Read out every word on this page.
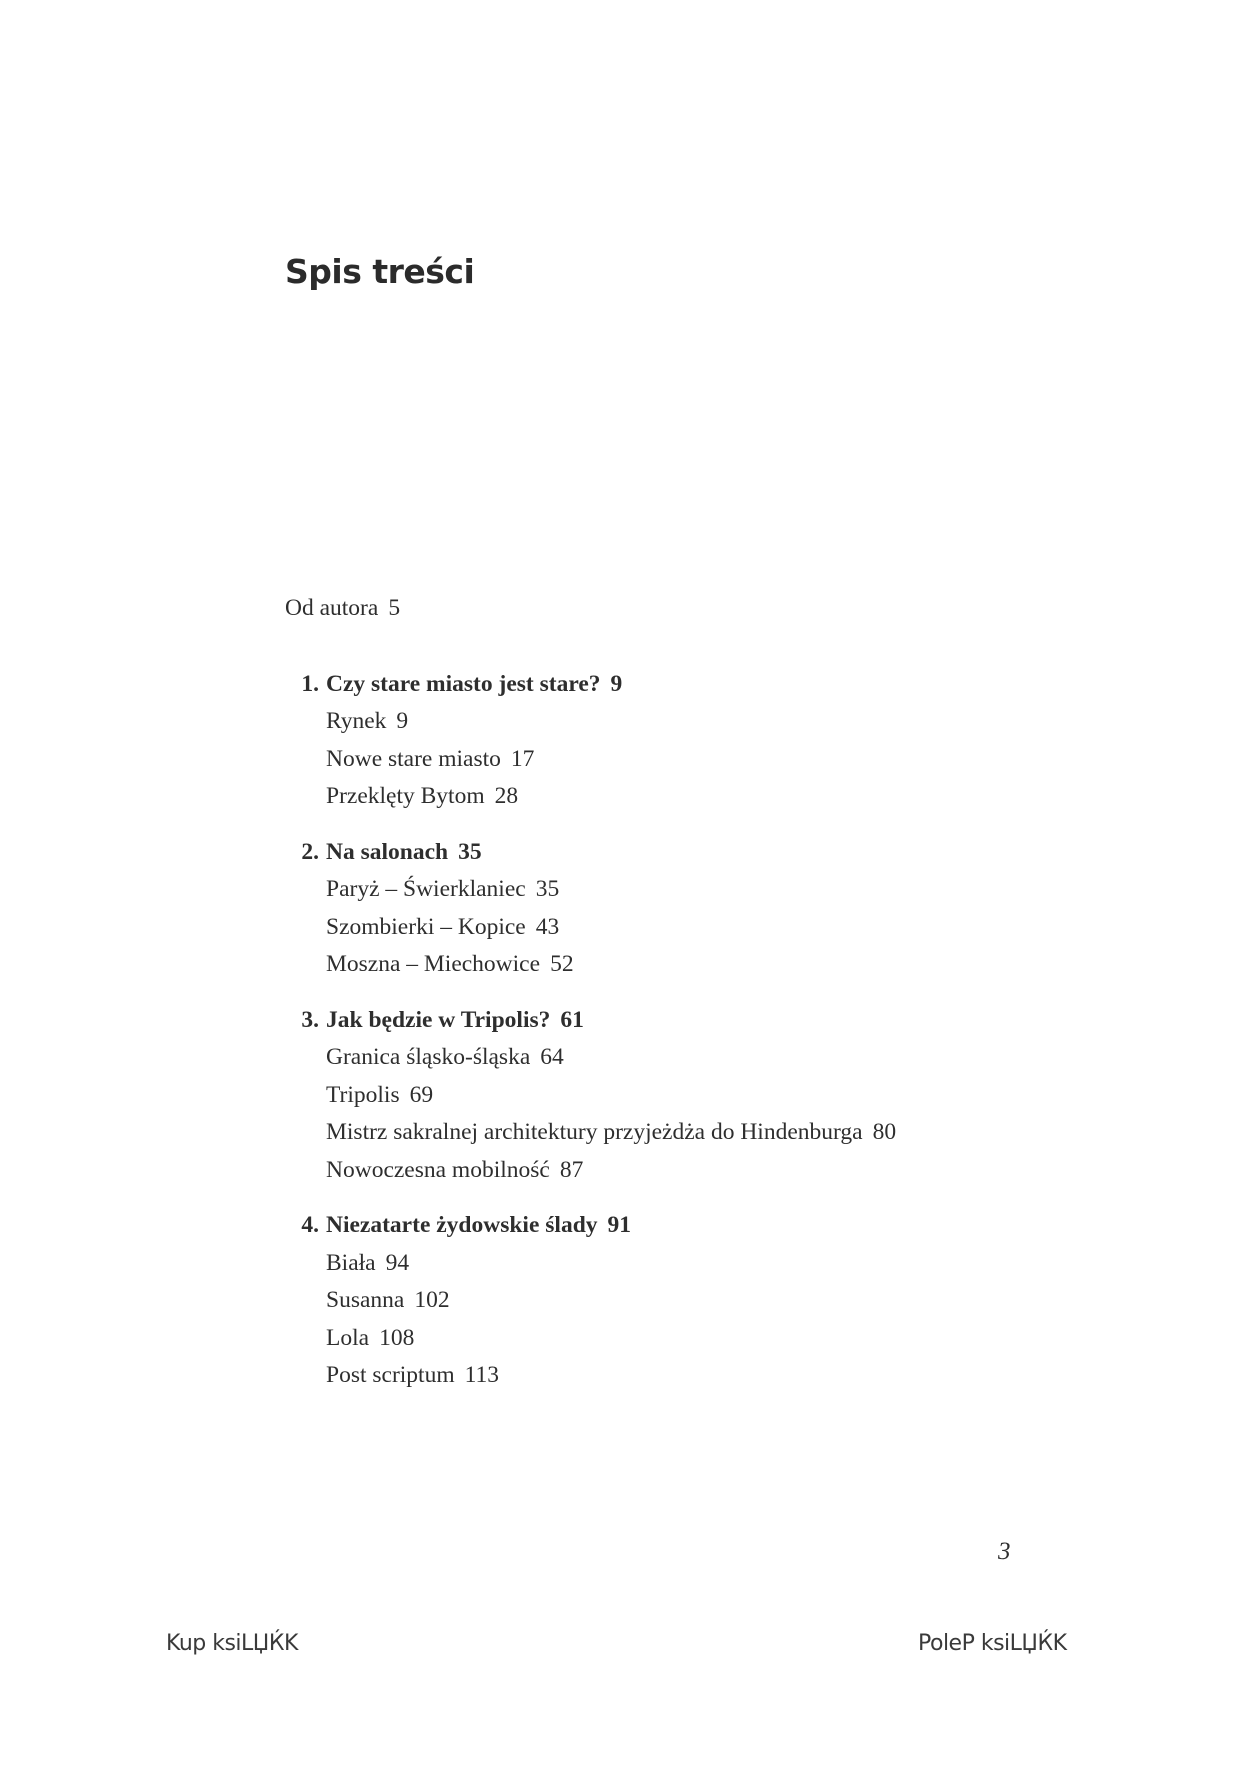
Spis treści
Od autora 5
1. Czy stare miasto jest stare? 9
Rynek 9
Nowe stare miasto 17
Przeklęty Bytom 28
2. Na salonach 35
Paryż – Świerklaniec 35
Szombierki – Kopice 43
Moszna – Miechowice 52
3. Jak będzie w Tripolis? 61
Granica śląsko-śląska 64
Tripolis 69
Mistrz sakralnej architektury przyjeżdża do Hindenburga 80
Nowoczesna mobilność 87
4. Niezatarte żydowskie ślady 91
Biała 94
Susanna 102
Lola 108
Post scriptum 113
3
Kup ksiLЏЌK	PoleP ksiLЏЌK
